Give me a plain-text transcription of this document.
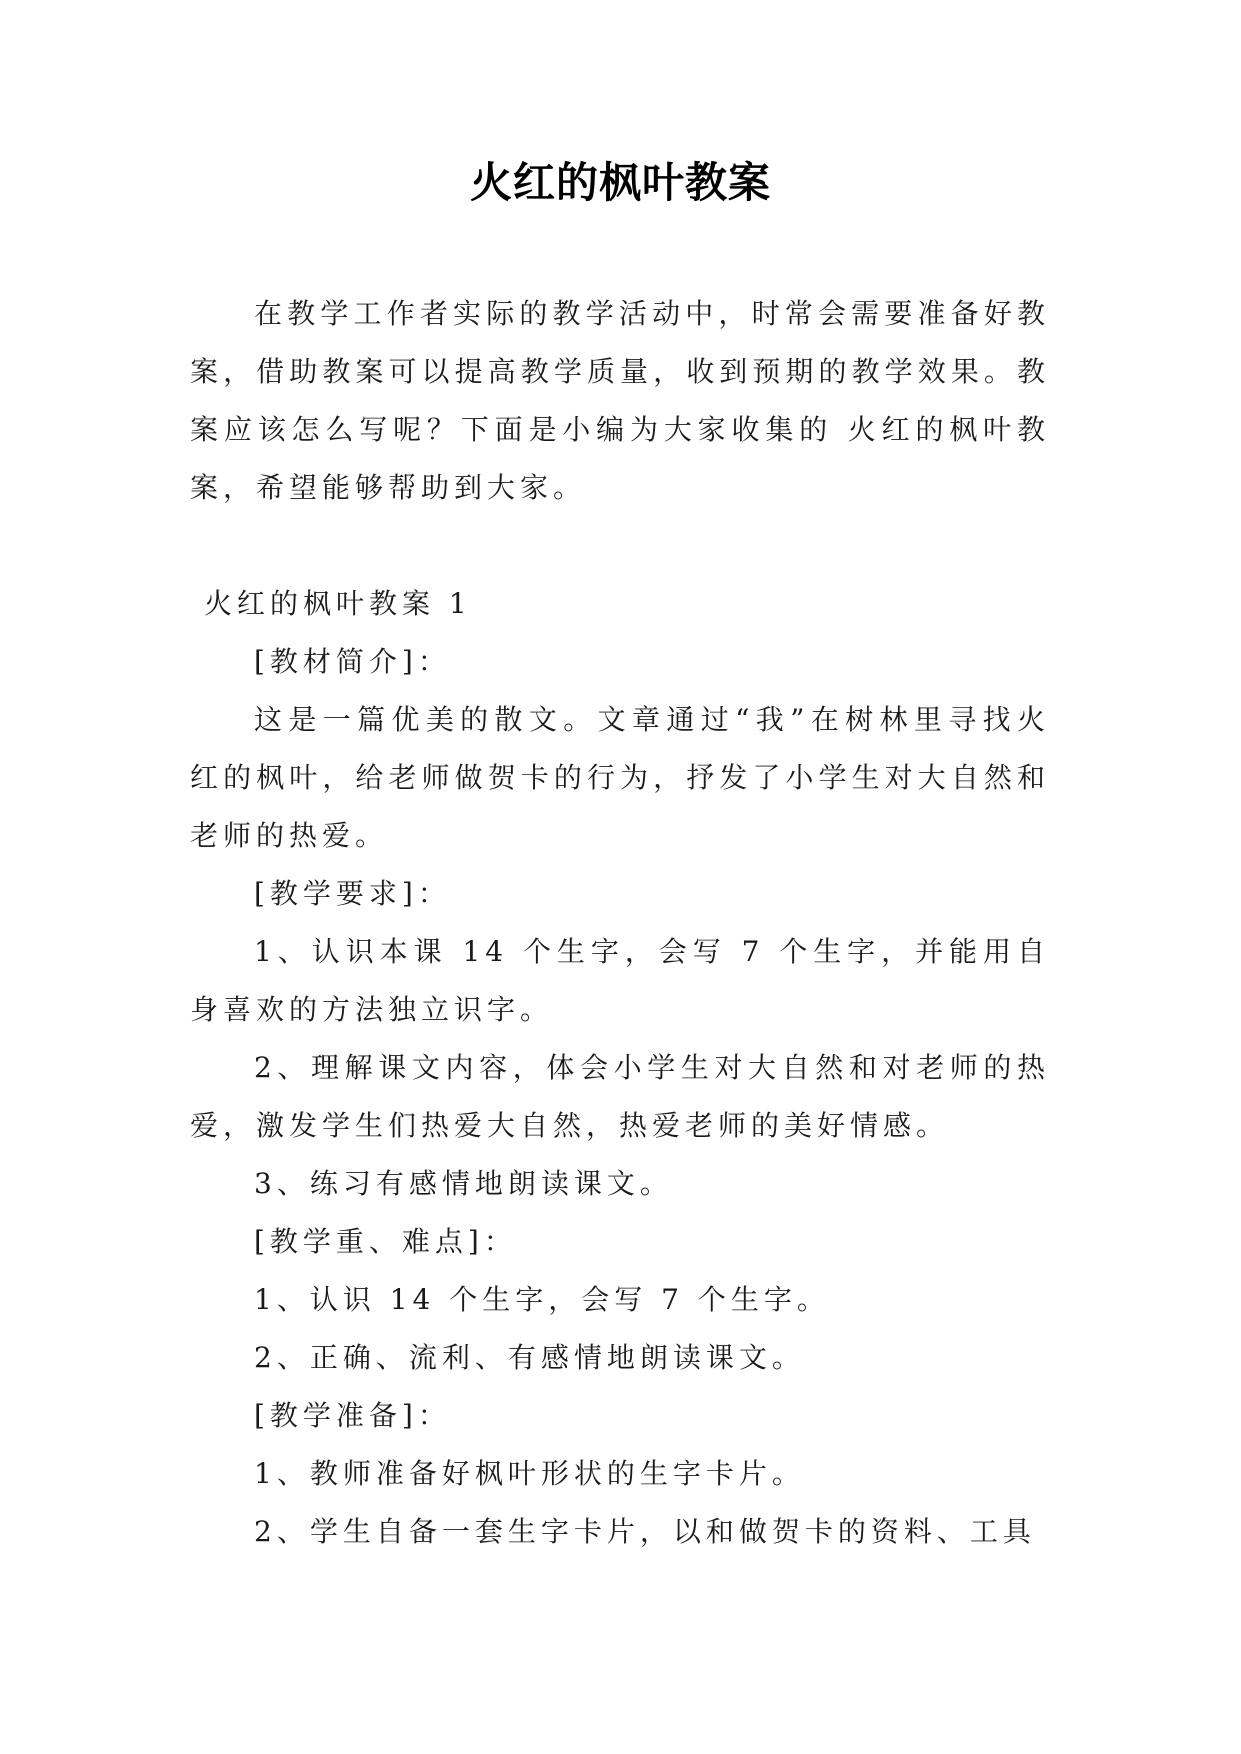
火红的枫叶教案

在教学工作者实际的教学活动中，时常会需要准备好教案，借助教案可以提高教学质量，收到预期的教学效果。教案应该怎么写呢？下面是小编为大家收集的 火红的枫叶教案，希望能够帮助到大家。

火红的枫叶教案 1

[教材简介]：

这是一篇优美的散文。文章通过“我”在树林里寻找火红的枫叶，给老师做贺卡的行为，抒发了小学生对大自然和老师的热爱。

[教学要求]：

1、认识本课 14 个生字，会写 7 个生字，并能用自身喜欢的方法独立识字。

2、理解课文内容，体会小学生对大自然和对老师的热爱，激发学生们热爱大自然，热爱老师的美好情感。

3、练习有感情地朗读课文。

[教学重、难点]：

1、认识 14 个生字，会写 7 个生字。

2、正确、流利、有感情地朗读课文。

[教学准备]：

1、教师准备好枫叶形状的生字卡片。

2、学生自备一套生字卡片，以和做贺卡的资料、工具
